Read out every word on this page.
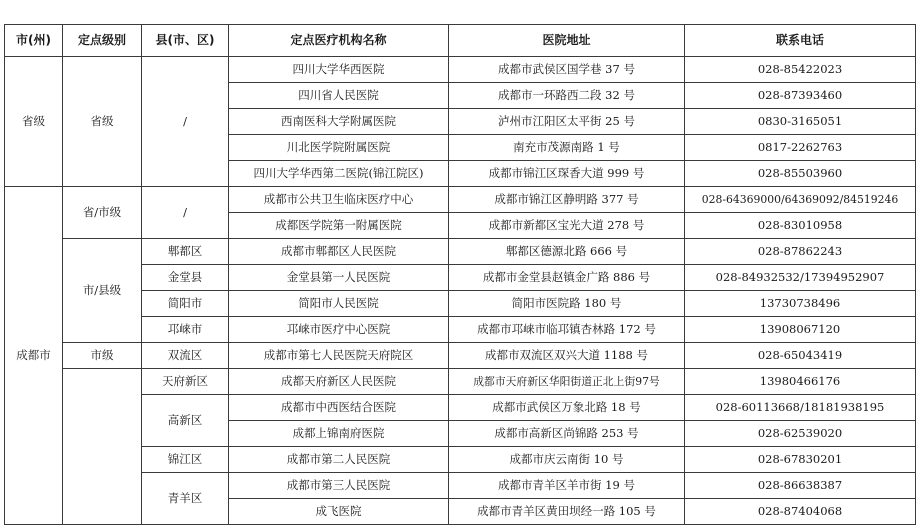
市(州)	定点级别	县(市、区)	定点医疗机构名称	医院地址	联系电话
省级	省级	/	四川大学华西医院	成都市武侯区国学巷 37 号	028-85422023
			四川省人民医院	成都市一环路西二段 32 号	028-87393460
			西南医科大学附属医院	泸州市江阳区太平街 25 号	0830-3165051
			川北医学院附属医院	南充市茂源南路 1 号	0817-2262763
			四川大学华西第二医院(锦江院区)	成都市锦江区琛香大道 999 号	028-85503960
成都市	省/市级	/	成都市公共卫生临床医疗中心	成都市锦江区静明路 377 号	028-64369000/64369092/84519246
			成都医学院第一附属医院	成都市新都区宝光大道 278 号	028-83010958
	市/县级	郫都区	成都市郫都区人民医院	郫都区德源北路 666 号	028-87862243
		金堂县	金堂县第一人民医院	成都市金堂县赵镇金广路 886 号	028-84932532/17394952907
		简阳市	简阳市人民医院	简阳市医院路 180 号	13730738496
		邛崃市	邛崃市医疗中心医院	成都市邛崃市临邛镇杏林路 172 号	13908067120
	市级	双流区	成都市第七人民医院天府院区	成都市双流区双兴大道 1188 号	028-65043419
		天府新区	成都天府新区人民医院	成都市天府新区华阳街道正北上街97号	13980466176
		高新区	成都市中西医结合医院	成都市武侯区万象北路 18 号	028-60113668/18181938195
			成都上锦南府医院	成都市高新区尚锦路 253 号	028-62539020
		锦江区	成都市第二人民医院	成都市庆云南街 10 号	028-67830201
		青羊区	成都市第三人民医院	成都市青羊区羊市街 19 号	028-86638387
			成飞医院	成都市青羊区黄田坝经一路 105 号	028-87404068
